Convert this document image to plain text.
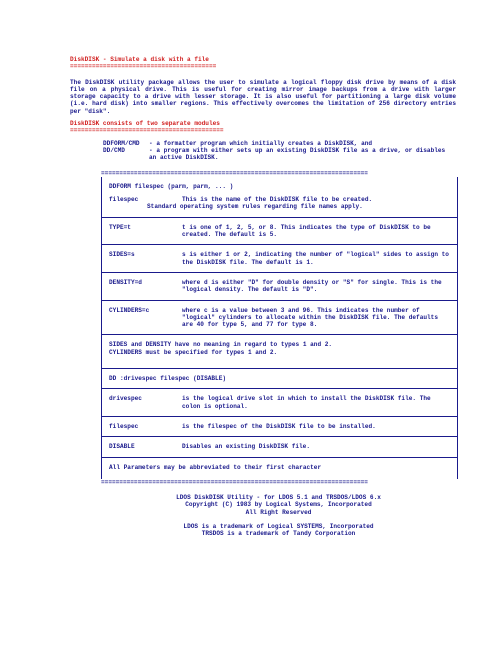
DiskDISK - Simulate a disk with a file
========================================

The DiskDISK utility package allows the user to simulate a logical floppy disk drive by means of a disk file on a physical drive. This is useful for creating mirror image backups from a drive with larger storage capacity to a drive with lesser storage. It is also useful for partitioning a large disk volume (i.e. hard disk) into smaller regions. This effectively overcomes the limitation of 256 directory entries per "disk".

DiskDISK consists of two separate modules
==========================================
DDFORM/CMD	- a formatter program which initially creates a DiskDISK, and
DD/CMD	- a program with either sets up an existing DiskDISK file as a drive, or disables an active DiskDISK.
=========================================================================
DDFORM filespec (parm, parm, ... )
filespec	This is the name of the DiskDISK file to be created.
Standard operating system rules regarding file names apply.
TYPE=t	t is one of 1, 2, 5, or 8. This indicates the type of DiskDISK to be created. The default is 5.
SIDES=s	s is either 1 or 2, indicating the number of "logical" sides to assign to the DiskDISK file. The default is 1.
DENSITY=d	where d is either "D" for double density or "S" for single. This is the "logical density. The default is "D".
CYLINDERS=c	where c is a value between 3 and 96. This indicates the number of "logical" cylinders to allocate within the DiskDISK file. The defaults are 40 for type 5, and 77 for type 8.
SIDES and DENSITY have no meaning in regard to types 1 and 2.
CYLINDERS must be specified for types 1 and 2.
DD :drivespec filespec (DISABLE)
drivespec	is the logical drive slot in which to install the DiskDISK file. The colon is optional.
filespec	is the filespec of the DiskDISK file to be installed.
DISABLE	Disables an existing DiskDISK file.
All Parameters may be abbreviated to their first character
=========================================================================
LDOS DiskDISK Utility - for LDOS 5.1 and TRSDOS/LDOS 6.x
Copyright (C) 1983 by Logical Systems, Incorporated
All Right Reserved
LDOS is a trademark of Logical SYSTEMS, Incorporated
TRSDOS is a trademark of Tandy Corporation
